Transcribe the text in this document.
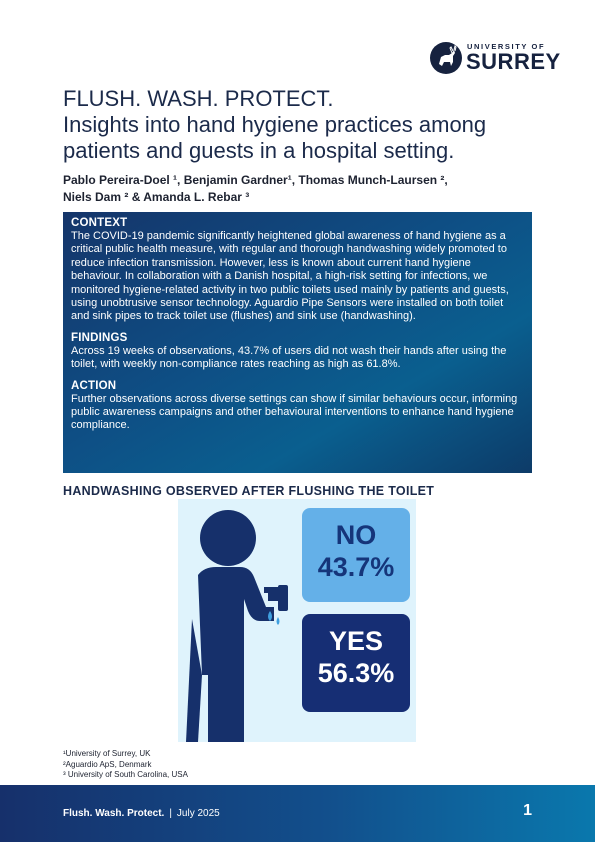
UNIVERSITY OF
SURREY
FLUSH. WASH. PROTECT.
Insights into hand hygiene practices among
patients and guests in a hospital setting.
Pablo Pereira-Doel ¹, Benjamin Gardner¹, Thomas Munch-Laursen ²,
Niels Dam ² & Amanda L. Rebar ³
CONTEXT

The COVID-19 pandemic significantly heightened global awareness of hand hygiene as a critical public health measure, with regular and thorough handwashing widely promoted to reduce infection transmission. However, less is known about current hand hygiene behaviour. In collaboration with a Danish hospital, a high-risk setting for infections, we monitored hygiene-related activity in two public toilets used mainly by patients and guests, using unobtrusive sensor technology. Aguardio Pipe Sensors were installed on both toilet and sink pipes to track toilet use (flushes) and sink use (handwashing).

FINDINGS

Across 19 weeks of observations, 43.7% of users did not wash their hands after using the toilet, with weekly non-compliance rates reaching as high as 61.8%.

ACTION

Further observations across diverse settings can show if similar behaviours occur, informing public awareness campaigns and other behavioural interventions to enhance hand hygiene compliance.

HANDWASHING OBSERVED AFTER FLUSHING THE TOILET
NO
43.7%
YES
56.3%
¹University of Surrey, UK
²Aguardio ApS, Denmark
³ University of South Carolina, USA
Flush. Wash. Protect. | July 2025	1
